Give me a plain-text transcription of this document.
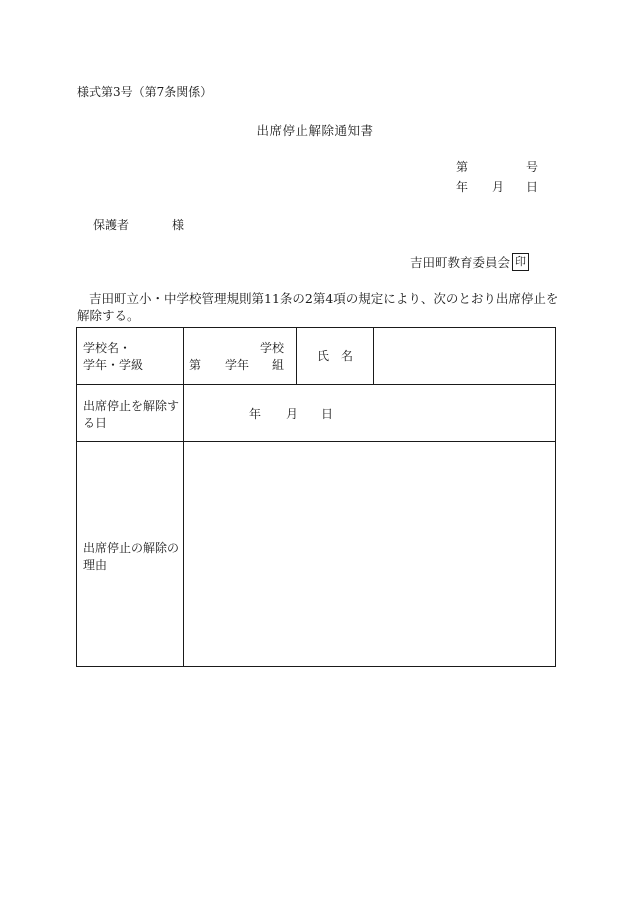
様式第3号（第7条関係）
出席停止解除通知書
第	号
年 月 日
保護者	様
吉田町教育委員会 印
吉田町立小・中学校管理規則第11条の2第4項の規定により、次のとおり出席停止を解除する。
学校名・
学年・学級
学校
第 学年 組
氏　名
出席停止を解除す
る日
年 月 日
出席停止の解除の
理由
